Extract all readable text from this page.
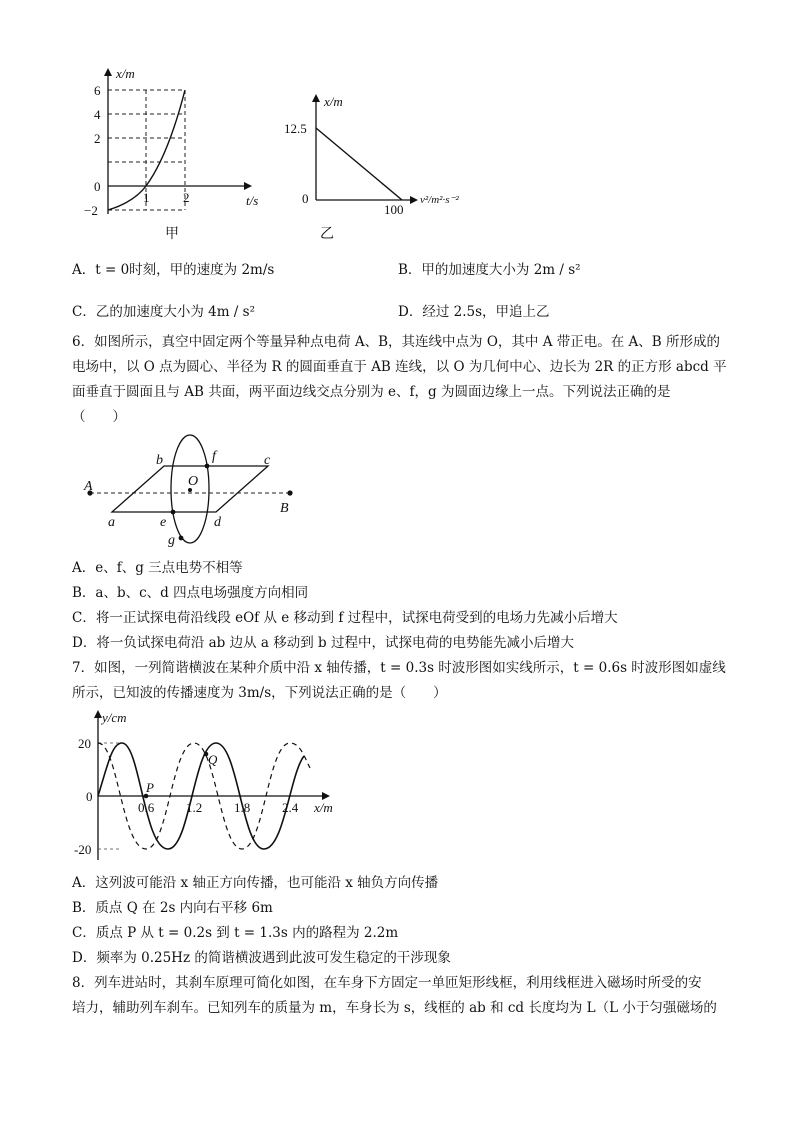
x/m
t/s
6
4
2
0
−2
1	2
甲
x/m
12.5
0
100
v²/m²·s⁻²
乙
A．t = 0时刻，甲的速度为 2m/s	B．甲的加速度大小为 2m / s²
C．乙的加速度大小为 4m / s²	D．经过 2.5s，甲追上乙
6．如图所示，真空中固定两个等量异种点电荷 A、B，其连线中点为 O，其中 A 带正电。在 A、B 所形成的
电场中，以 O 点为圆心、半径为 R 的圆面垂直于 AB 连线，以 O 为几何中心、边长为 2R 的正方形 abcd 平
面垂直于圆面且与 AB 共面，两平面边线交点分别为 e、f，g 为圆面边缘上一点。下列说法正确的是
（　　）
A
B
O
a
b	c
d
e
f
g
A．e、f、g 三点电势不相等
B．a、b、c、d 四点电场强度方向相同
C．将一正试探电荷沿线段 eOf 从 e 移动到 f 过程中，试探电荷受到的电场力先减小后增大
D．将一负试探电荷沿 ab 边从 a 移动到 b 过程中，试探电荷的电势能先减小后增大
7．如图，一列简谐横波在某种介质中沿 x 轴传播，t = 0.3s 时波形图如实线所示，t = 0.6s 时波形图如虚线
所示，已知波的传播速度为 3m/s，下列说法正确的是（　　）
y/cm
x/m
20
0
-20
0.6 1.2 1.8 2.4
P
Q
A．这列波可能沿 x 轴正方向传播，也可能沿 x 轴负方向传播
B．质点 Q 在 2s 内向右平移 6m
C．质点 P 从 t = 0.2s 到 t = 1.3s 内的路程为 2.2m
D．频率为 0.25Hz 的简谐横波遇到此波可发生稳定的干涉现象
8．列车进站时，其刹车原理可简化如图，在车身下方固定一单匝矩形线框，利用线框进入磁场时所受的安
培力，辅助列车刹车。已知列车的质量为 m，车身长为 s，线框的 ab 和 cd 长度均为 L（L 小于匀强磁场的
